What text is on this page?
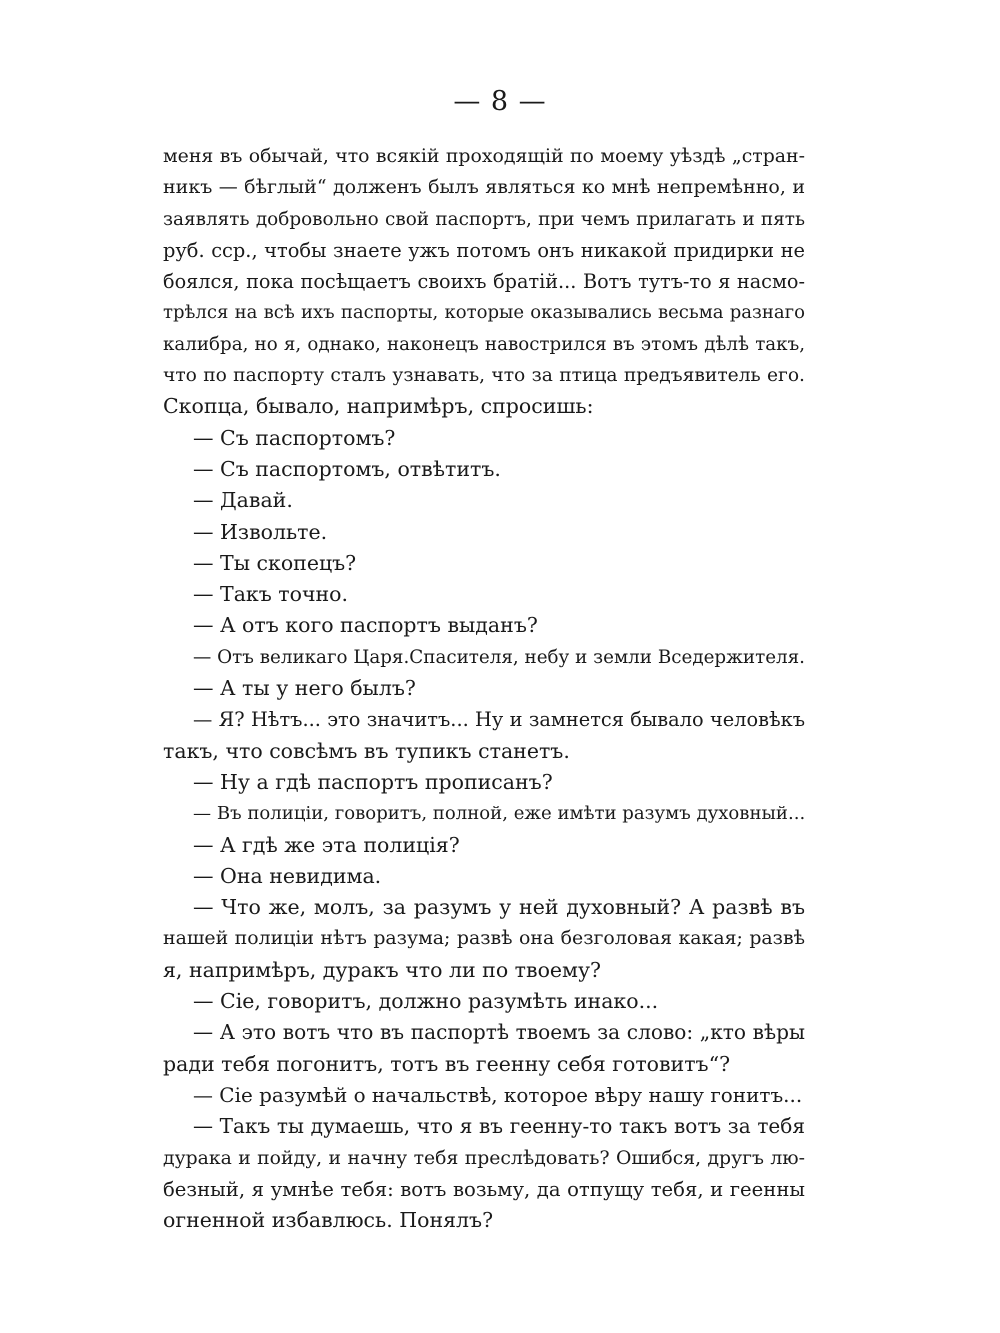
— 8 —
меня въ обычай, что всякiй проходящiй по моему уѣздѣ „стран-
никъ — бѣглый“ долженъ былъ являться ко мнѣ непремѣнно, и
заявлять добровольно свой паспортъ, при чемъ прилагать и пять
руб. сср., чтобы знаете ужъ потомъ онъ никакой придирки не
боялся, пока посѣщаетъ своихъ братiй... Вотъ тутъ-то я насмо-
трѣлся на всѣ ихъ паспорты, которые оказывались весьма разнаго
калибра, но я, однако, наконецъ навострился въ этомъ дѣлѣ такъ,
что по паспорту сталъ узнавать, что за птица предъявитель его.
Скопца, бывало, напримѣръ, спросишь:
— Съ паспортомъ?
— Съ паспортомъ, отвѣтитъ.
— Давай.
— Извольте.
— Ты скопецъ?
— Такъ точно.
— А отъ кого паспортъ выданъ?
— Отъ великаго Царя.Спасителя, небу и земли Вседержителя.
— А ты у него былъ?
— Я? Нѣтъ... это значитъ... Ну и замнется бывало человѣкъ
такъ, что совсѣмъ въ тупикъ станетъ.
— Ну а гдѣ паспортъ прописанъ?
— Въ полицiи, говоритъ, полной, еже имѣти разумъ духовный...
— А гдѣ же эта полицiя?
— Она невидима.
— Что же, молъ, за разумъ у ней духовный? А развѣ въ
нашей полицiи нѣтъ разума; развѣ она безголовая какая; развѣ
я, напримѣръ, дуракъ что ли по твоему?
— Сiе, говоритъ, должно разумѣть инако...
— А это вотъ что въ паспортѣ твоемъ за слово: „кто вѣры
ради тебя погонитъ, тотъ въ геенну себя готовитъ“?
— Сiе разумѣй о начальствѣ, которое вѣру нашу гонитъ...
— Такъ ты думаешь, что я въ геенну-то такъ вотъ за тебя
дурака и пойду, и начну тебя преслѣдовать? Ошибся, другъ лю-
безный, я умнѣе тебя: вотъ возьму, да отпущу тебя, и геенны
огненной избавлюсь. Понялъ?
